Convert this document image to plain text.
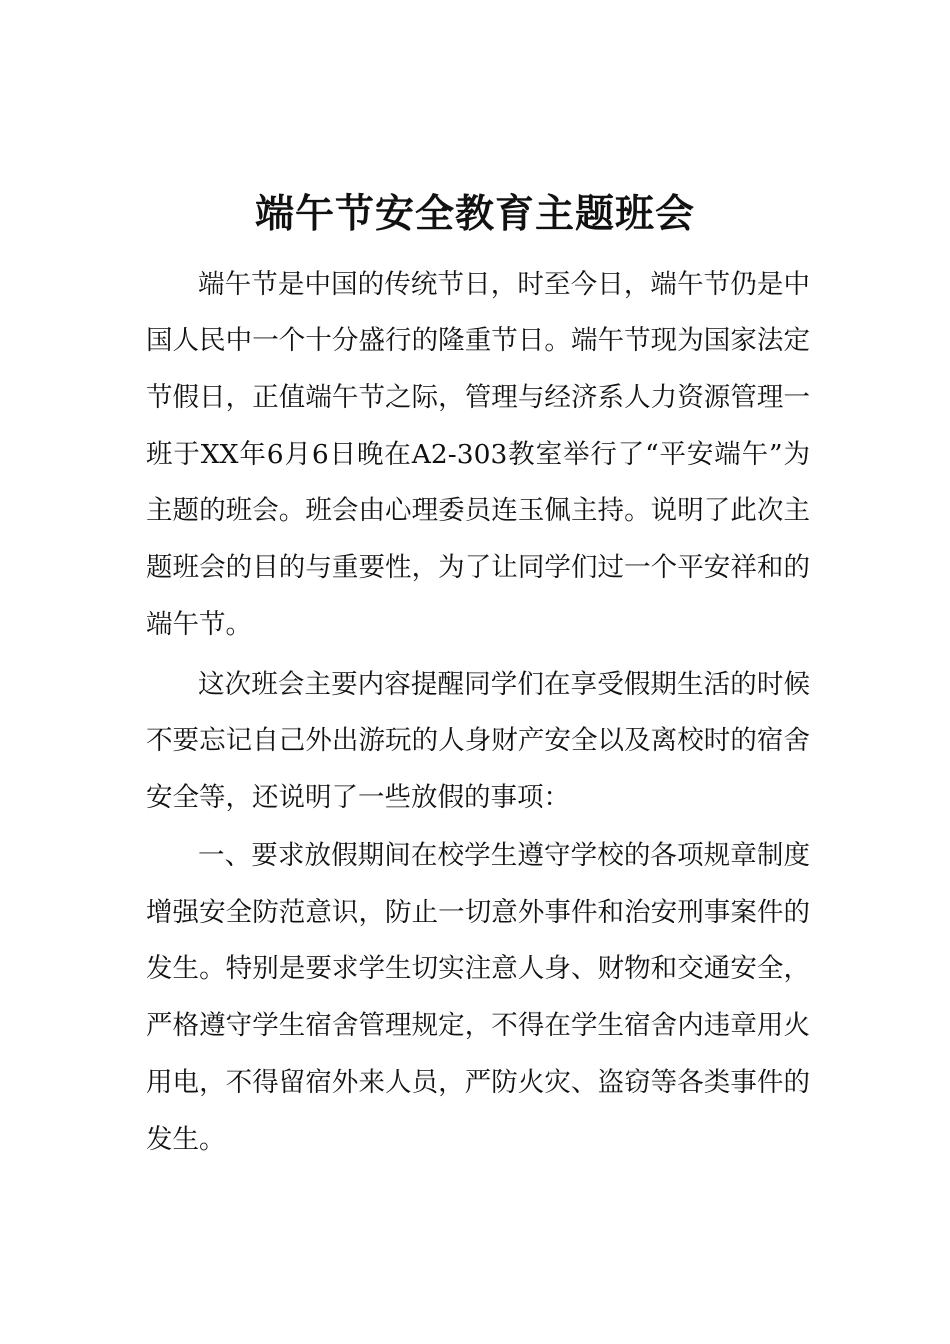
端午节安全教育主题班会

端午节是中国的传统节日，时至今日，端午节仍是中

国人民中一个十分盛行的隆重节日。端午节现为国家法定

节假日，正值端午节之际，管理与经济系人力资源管理一

班于XX年6月6日晚在A2-303教室举行了“平安端午”为

主题的班会。班会由心理委员连玉佩主持。说明了此次主

题班会的目的与重要性，为了让同学们过一个平安祥和的

端午节。

这次班会主要内容提醒同学们在享受假期生活的时候

不要忘记自己外出游玩的人身财产安全以及离校时的宿舍

安全等，还说明了一些放假的事项：

一、要求放假期间在校学生遵守学校的各项规章制度

增强安全防范意识，防止一切意外事件和治安刑事案件的

发生。特别是要求学生切实注意人身、财物和交通安全，

严格遵守学生宿舍管理规定，不得在学生宿舍内违章用火

用电，不得留宿外来人员，严防火灾、盗窃等各类事件的

发生。
